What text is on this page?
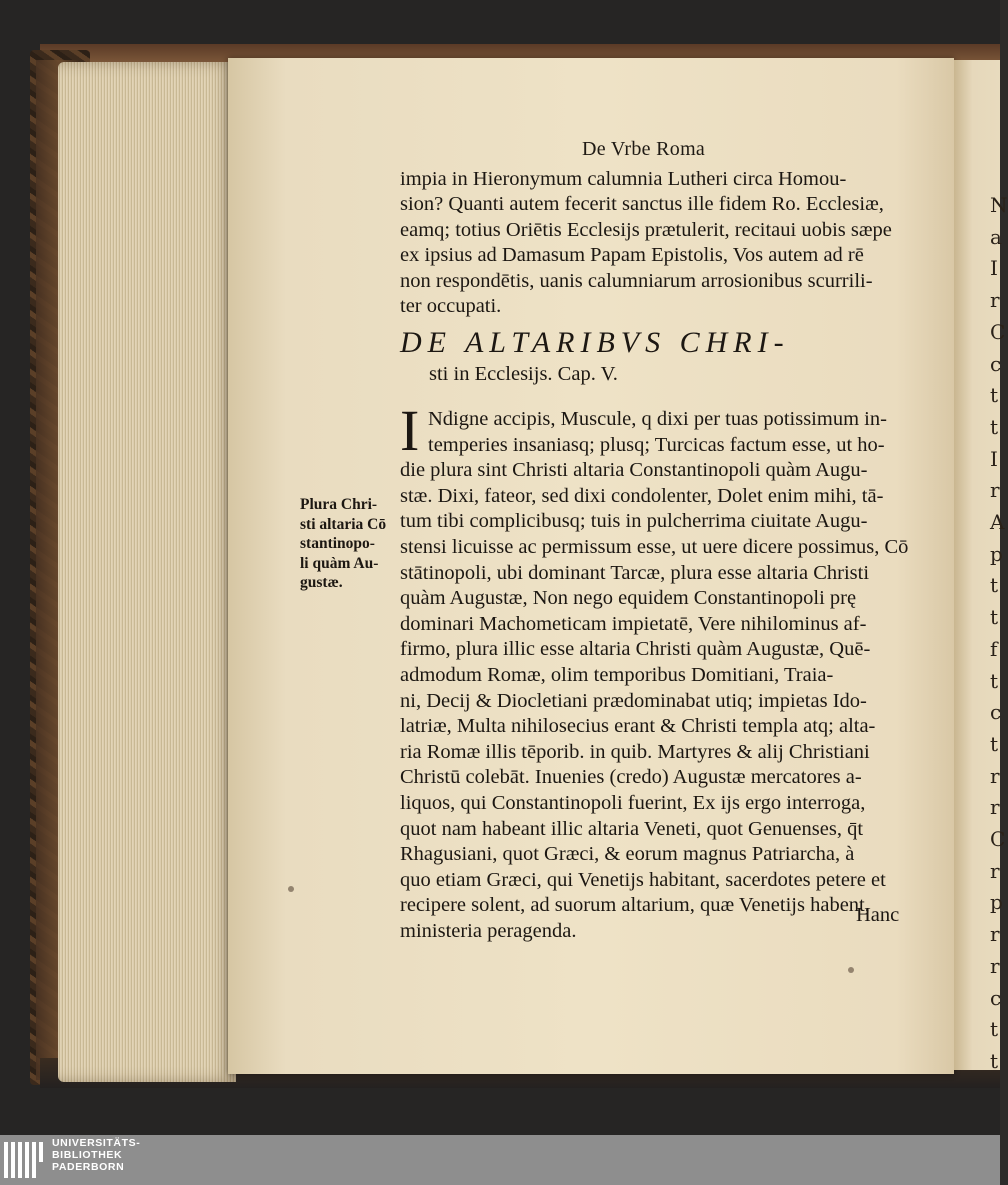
N
a
I
r
C
c
t
t
I
r
A
p
t
t
f
t
c
t
r
r
C
r
p
r
r
c
t
t
De Vrbe Roma
impia in Hieronymum calumnia Lutheri circa Homou-
sion? Quanti autem fecerit sanctus ille fidem Ro. Ecclesiæ,
eamq; totius Oriētis Ecclesijs prætulerit, recitaui uobis sæpe
ex ipsius ad Damasum Papam Epistolis, Vos autem ad rē
non respondētis, uanis calumniarum arrosionibus scurrili-
ter occupati.
DE ALTARIBVS CHRI-
sti in Ecclesijs. Cap. V.
I Ndigne accipis, Muscule, q dixi per tuas potissimum in-
temperies insaniasq; plusq; Turcicas factum esse, ut ho-
die plura sint Christi altaria Constantinopoli quàm Augu-
stæ. Dixi, fateor, sed dixi condolenter, Dolet enim mihi, tā-
tum tibi complicibusq; tuis in pulcherrima ciuitate Augu-
stensi licuisse ac permissum esse, ut uere dicere possimus, Cō
stātinopoli, ubi dominant Tarcæ, plura esse altaria Christi
quàm Augustæ, Non nego equidem Constantinopoli prę
dominari Machometicam impietatē, Vere nihilominus af-
firmo, plura illic esse altaria Christi quàm Augustæ, Quē-
admodum Romæ, olim temporibus Domitiani, Traia-
ni, Decij & Diocletiani prædominabat utiq; impietas Ido-
latriæ, Multa nihilosecius erant & Christi templa atq; alta-
ria Romæ illis tēporib. in quib. Martyres & alij Christiani
Christū colebāt. Inuenies (credo) Augustæ mercatores a-
liquos, qui Constantinopoli fuerint, Ex ijs ergo interroga,
quot nam habeant illic altaria Veneti, quot Genuenses, q̄t
Rhagusiani, quot Græci, & eorum magnus Patriarcha, à
quo etiam Græci, qui Venetijs habitant, sacerdotes petere et
recipere solent, ad suorum altarium, quæ Venetijs habent,
ministeria peragenda.
Plura Chri-
sti altaria Cō
stantinopo-
li quàm Au-
gustæ.
Hanc
UNIVERSITÄTS-
BIBLIOTHEK
PADERBORN
